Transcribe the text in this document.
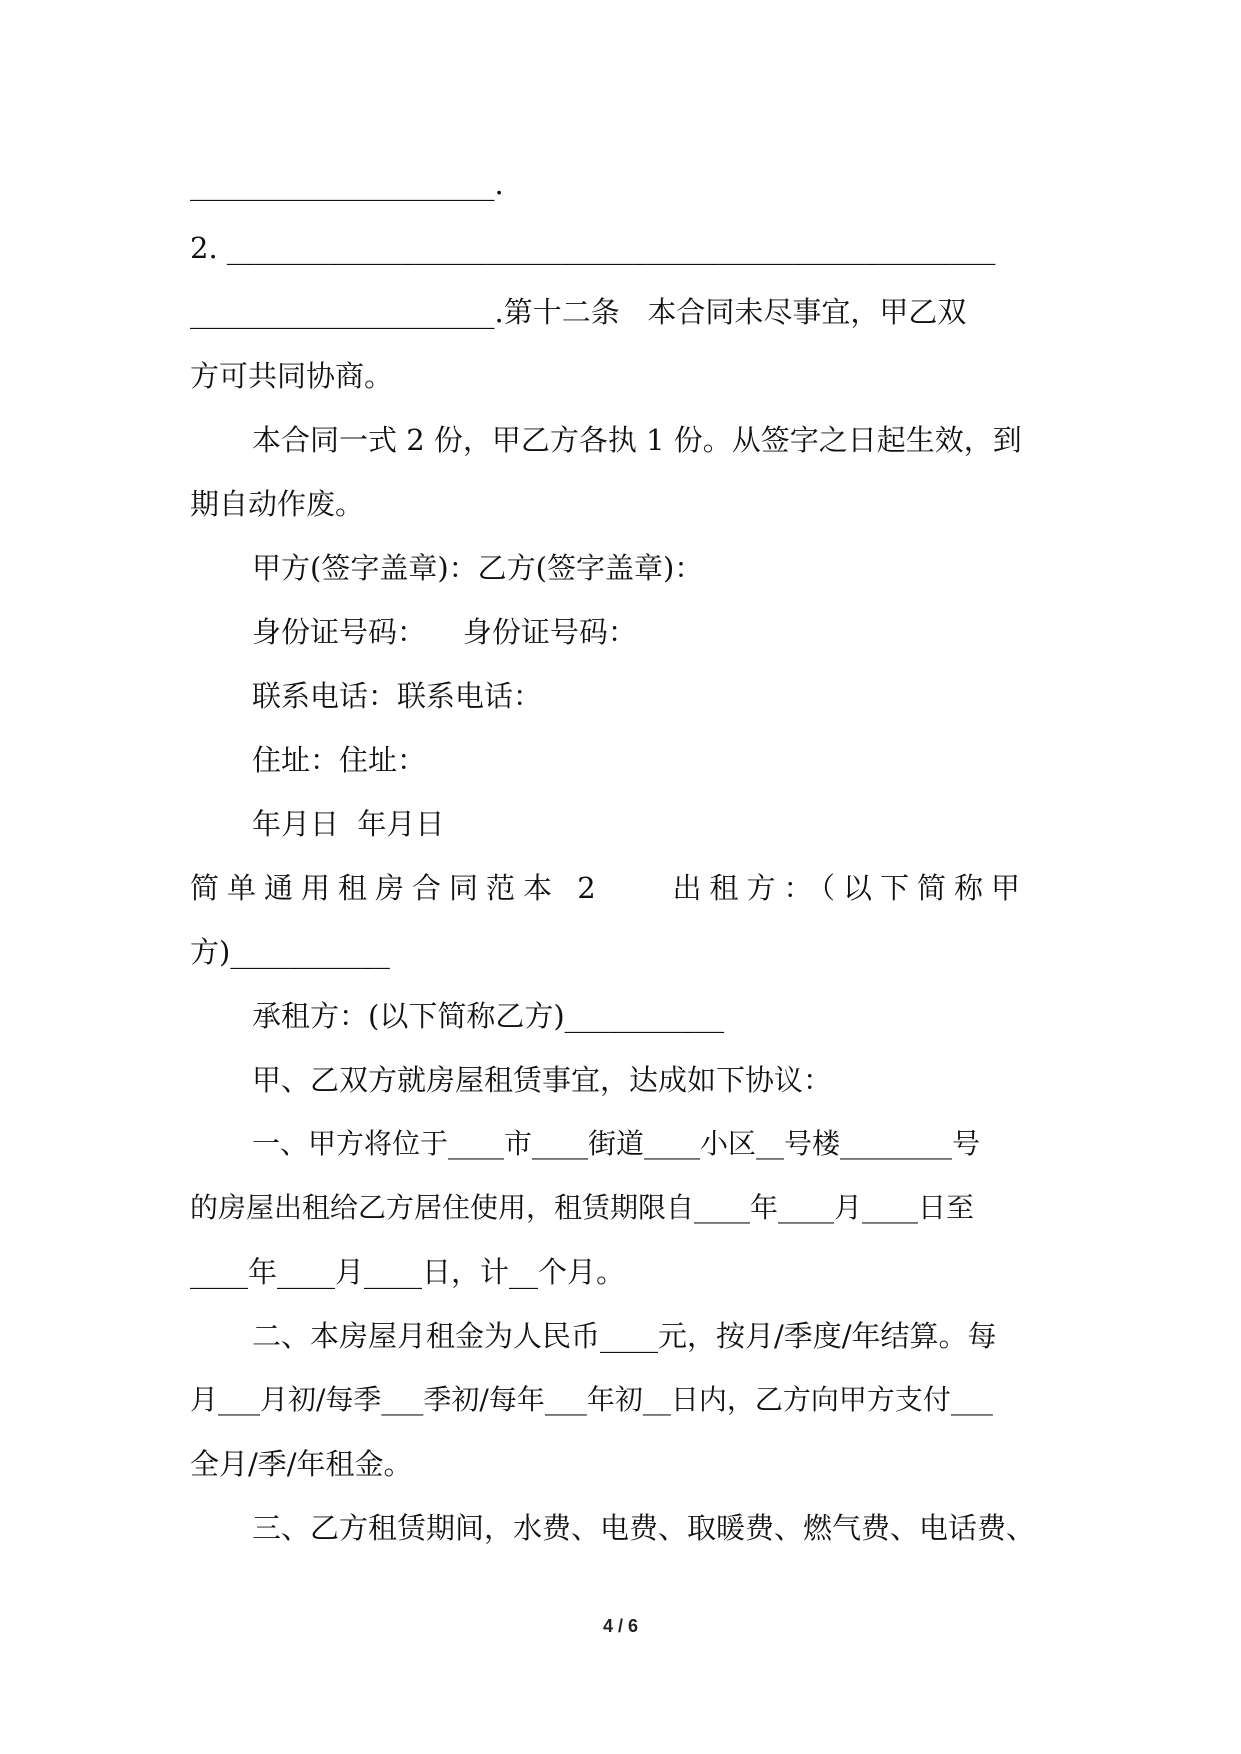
_____________________.
2. _____________________________________________________
_____________________.第十二条   本合同未尽事宜，甲乙双
方可共同协商。
本合同一式 2 份，甲乙方各执 1 份。从签字之日起生效，到
期自动作废。
甲方(签字盖章)：乙方(签字盖章)：
身份证号码：    身份证号码：
联系电话：联系电话：
住址：住址：
年月日  年月日
简单通用租房合同范本 2    出租方：（以下简称甲
方)___________
承租方：(以下简称乙方)___________
甲、乙双方就房屋租赁事宜，达成如下协议：
一、甲方将位于____市____街道____小区__号楼________号
的房屋出租给乙方居住使用，租赁期限自____年____月____日至
____年____月____日，计__个月。
二、本房屋月租金为人民币____元，按月/季度/年结算。每
月___月初/每季___季初/每年___年初__日内，乙方向甲方支付___
全月/季/年租金。
三、乙方租赁期间，水费、电费、取暖费、燃气费、电话费、
4 / 6
